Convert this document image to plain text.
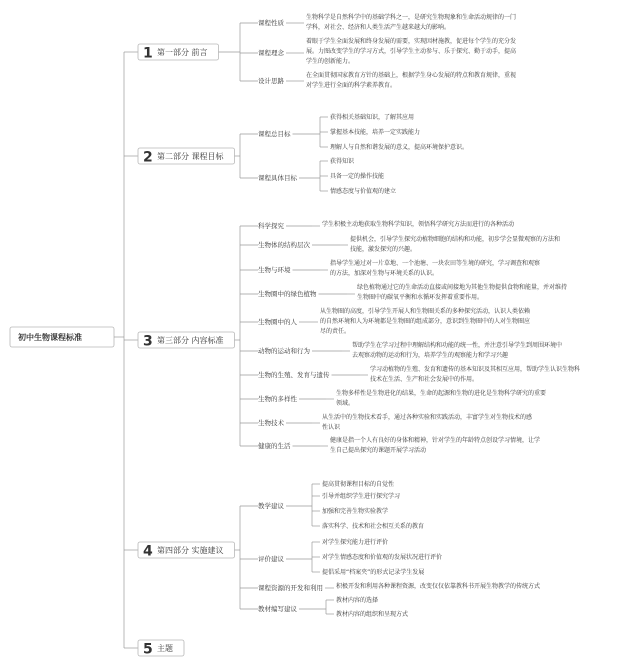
初中生物课程标准
1 第一部分 前言
课程性质
生物科学是自然科学中的基础学科之一，是研究生物现象和生命活动规律的一门
学科，对社会、经济和人类生活产生越来越大的影响。
课程理念
着眼于学生全面发展和终身发展的需要，实现因材施教，促进每个学生的充分发
展。力图改变学生的学习方式，引导学生主动参与、乐于探究、勤于动手，提高
学生的创新能力。
设计思路
在全面贯彻国家教育方针的基础上，根据学生身心发展的特点和教育规律，重视
对学生进行全面的科学素养教育。
2 第二部分 课程目标
课程总目标
获得相关基础知识，了解其应用
掌握基本技能，培养一定实践能力
理解人与自然和谐发展的意义，提高环境保护意识。
课程具体目标
获得知识
具备一定的操作技能
情感态度与价值观的建立
3 第三部分 内容标准
科学探究	学生积极主动地获取生物科学知识，领悟科学研究方法而进行的各种活动
生物体的结构层次
提供机会，引导学生探究动植物细胞的结构和功能，初步学会显微观察的方法和
技能，激发探究的兴趣。
生物与环境
指导学生通过对一片草地、一个池塘、一块农田等生境的研究，学习调查和观察
的方法，加深对生物与环境关系的认识。
生物圈中的绿色植物
绿色植物通过它的生命活动直接或间接地为其他生物提供食物和能量，并对维持
生物圈中的碳氧平衡和水循环发挥着重要作用。
生物圈中的人
从生物圈的高度，引导学生开展人和生物圈关系的多种探究活动，认识人类依赖
的自然环境和人为环境都是生物圈的组成部分，意识到生物圈中的人对生物圈应
尽的责任。
动物的运动和行为
帮助学生在学习过程中理解结构和功能的统一性，并注意引导学生到周围环境中
去观察动物的运动和行为，培养学生的观察能力和学习兴趣
生物的生殖、发育与遗传
学习动植物的生殖、发育和遗传的基本知识及其相互应用，帮助学生认识生物科
技术在生活、生产和社会发展中的作用。
生物的多样性
生物多样性是生物进化的结果，生命的起源和生物的进化是生物科学研究的重要
领域。
生物技术
从生活中的生物技术看手，通过各种实验和实践活动，丰富学生对生物技术的感
性认识
健康的生活
健康是指一个人有良好的身体和精神，针对学生的年龄特点创设学习情境，让学
生自己提出探究的课题开展学习活动
4 第四部分 实施建议
教学建议
提高贯彻课程目标的自觉性
引导并组织学生进行探究学习
加强和完善生物实验教学
落实科学、技术和社会相互关系的教育
评价建议
对学生探究能力进行评价
对学生情感态度和价值观的发展状况进行评价
提倡采用“档案夹”的形式记录学生发展
课程资源的开发和利用 积极开发和利用各种课程资源，改变仅仅依靠教科书开展生物教学的传统方式
教材编写建议
教材内容的选择
教材内容的组织和呈现方式
5 主题
